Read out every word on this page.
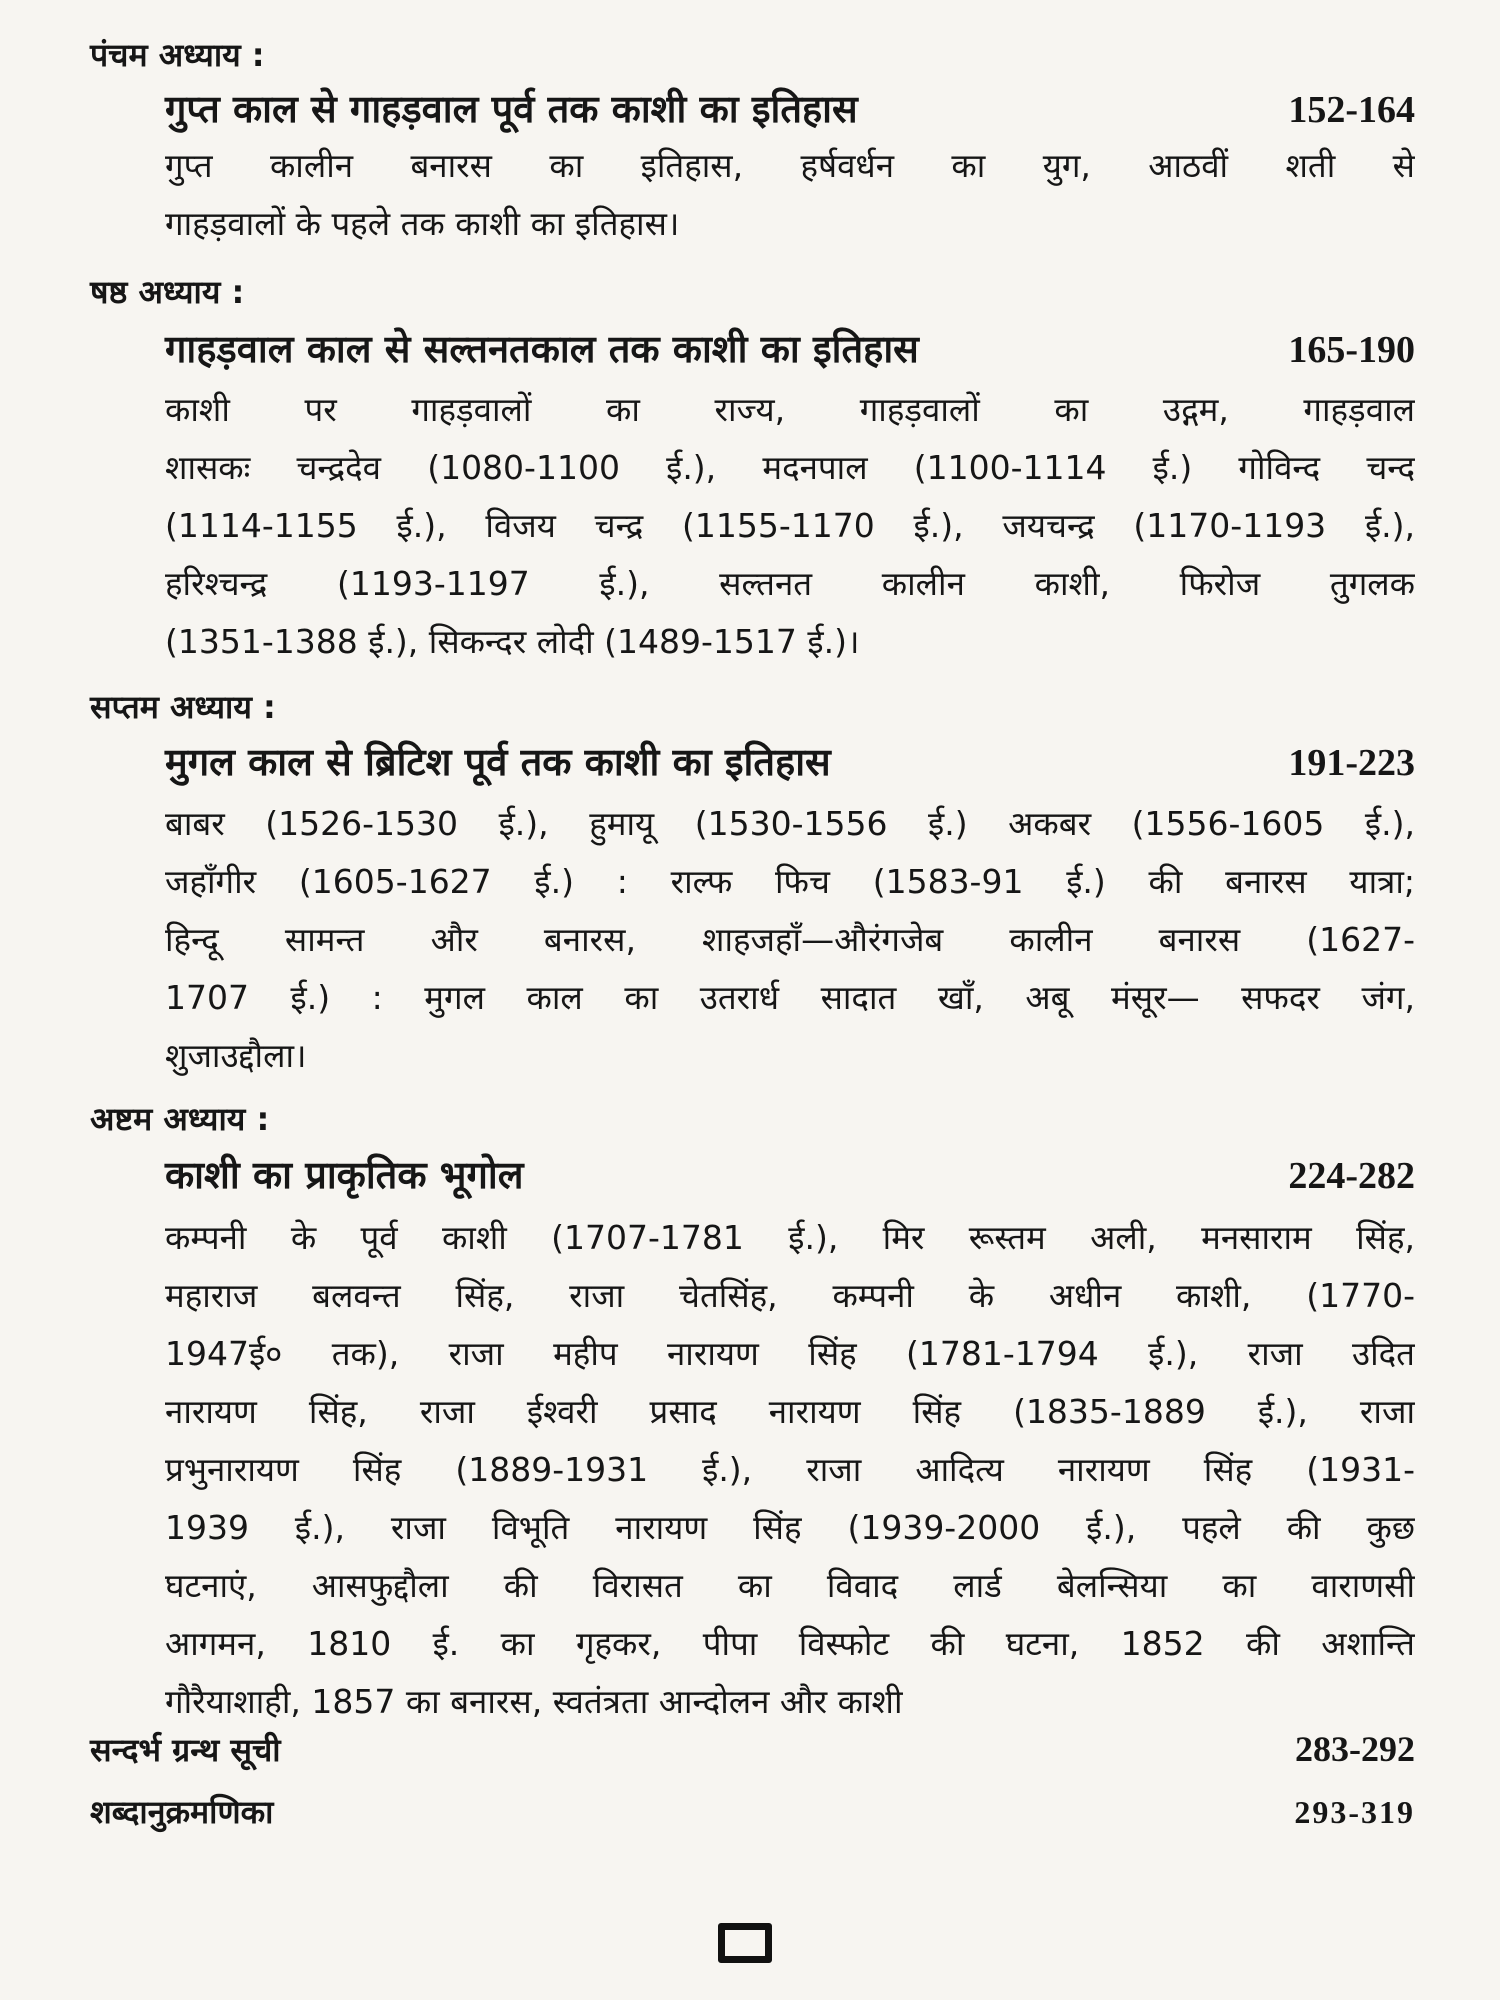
पंचम अध्याय :
गुप्त काल से गाहड़वाल पूर्व तक काशी का इतिहास	152-164
गुप्त कालीन बनारस का इतिहास, हर्षवर्धन का युग, आठवीं शती से
गाहड़वालों के पहले तक काशी का इतिहास।
षष्ठ अध्याय :
गाहड़वाल काल से सल्तनतकाल तक काशी का इतिहास	165-190
काशी पर गाहड़वालों का राज्य, गाहड़वालों का उद्गम, गाहड़वाल
शासकः चन्द्रदेव (1080-1100 ई.), मदनपाल (1100-1114 ई.) गोविन्द चन्द
(1114-1155 ई.), विजय चन्द्र (1155-1170 ई.), जयचन्द्र (1170-1193 ई.),
हरिश्चन्द्र (1193-1197 ई.), सल्तनत कालीन काशी, फिरोज तुगलक
(1351-1388 ई.), सिकन्दर लोदी (1489-1517 ई.)।
सप्तम अध्याय :
मुगल काल से ब्रिटिश पूर्व तक काशी का इतिहास	191-223
बाबर (1526-1530 ई.), हुमायू (1530-1556 ई.) अकबर (1556-1605 ई.),
जहाँगीर (1605-1627 ई.) : राल्फ फिच (1583-91 ई.) की बनारस यात्रा;
हिन्दू सामन्त और बनारस, शाहजहाँ—औरंगजेब कालीन बनारस (1627-
1707 ई.) : मुगल काल का उतरार्ध सादात खाँ, अबू मंसूर— सफदर जंग,
शुजाउद्दौला।
अष्टम अध्याय :
काशी का प्राकृतिक भूगोल	224-282
कम्पनी के पूर्व काशी (1707-1781 ई.), मिर रूस्तम अली, मनसाराम सिंह,
महाराज बलवन्त सिंह, राजा चेतसिंह, कम्पनी के अधीन काशी, (1770-
1947ई० तक), राजा महीप नारायण सिंह (1781-1794 ई.), राजा उदित
नारायण सिंह, राजा ईश्वरी प्रसाद नारायण सिंह (1835-1889 ई.), राजा
प्रभुनारायण सिंह (1889-1931 ई.), राजा आदित्य नारायण सिंह (1931-
1939 ई.), राजा विभूति नारायण सिंह (1939-2000 ई.), पहले की कुछ
घटनाएं, आसफुद्दौला की विरासत का विवाद लार्ड बेलन्सिया का वाराणसी
आगमन, 1810 ई. का गृहकर, पीपा विस्फोट की घटना, 1852 की अशान्ति
गौरैयाशाही, 1857 का बनारस, स्वतंत्रता आन्दोलन और काशी
सन्दर्भ ग्रन्थ सूची	283-292
शब्दानुक्रमणिका	293-319
